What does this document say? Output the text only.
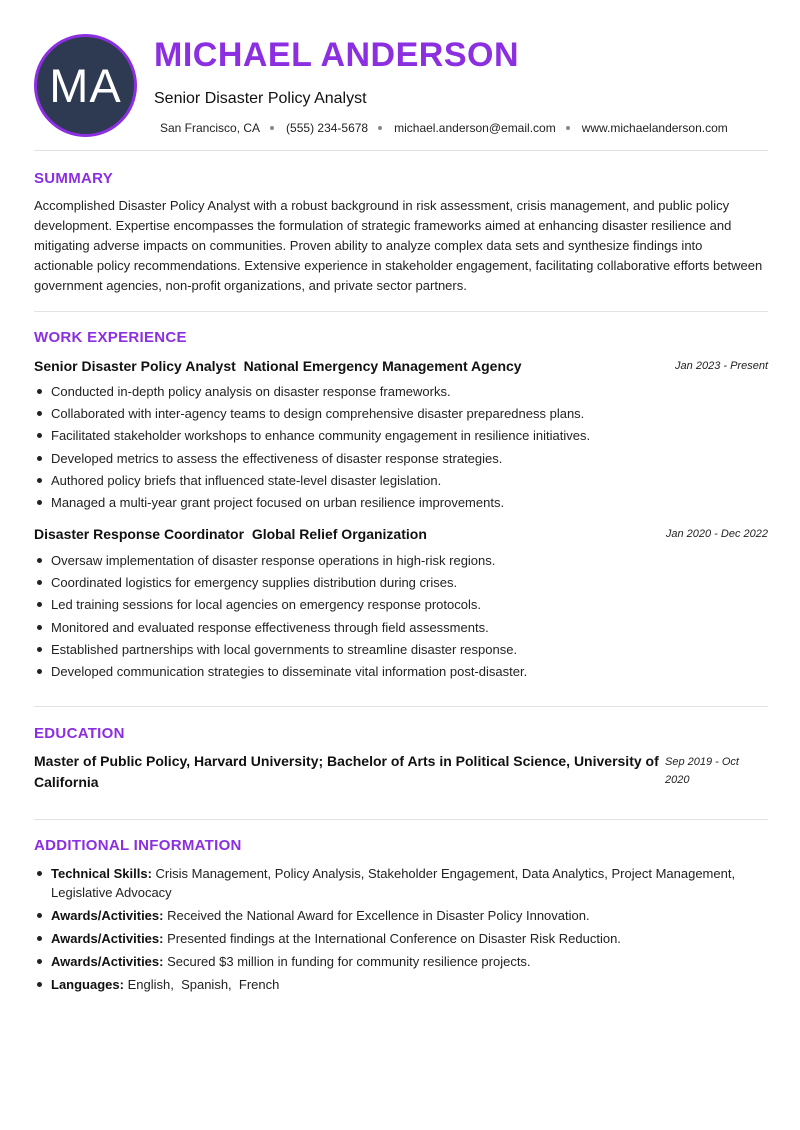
MA
MICHAEL ANDERSON
Senior Disaster Policy Analyst
San Francisco, CA (555) 234-5678 michael.anderson@email.com www.michaelanderson.com
SUMMARY
Accomplished Disaster Policy Analyst with a robust background in risk assessment, crisis management, and public policy development. Expertise encompasses the formulation of strategic frameworks aimed at enhancing disaster resilience and mitigating adverse impacts on communities. Proven ability to analyze complex data sets and synthesize findings into actionable policy recommendations. Extensive experience in stakeholder engagement, facilitating collaborative efforts between government agencies, non-profit organizations, and private sector partners.
WORK EXPERIENCE
Senior Disaster Policy Analyst National Emergency Management Agency	Jan 2023 - Present
Conducted in-depth policy analysis on disaster response frameworks.
Collaborated with inter-agency teams to design comprehensive disaster preparedness plans.
Facilitated stakeholder workshops to enhance community engagement in resilience initiatives.
Developed metrics to assess the effectiveness of disaster response strategies.
Authored policy briefs that influenced state-level disaster legislation.
Managed a multi-year grant project focused on urban resilience improvements.
Disaster Response Coordinator Global Relief Organization	Jan 2020 - Dec 2022
Oversaw implementation of disaster response operations in high-risk regions.
Coordinated logistics for emergency supplies distribution during crises.
Led training sessions for local agencies on emergency response protocols.
Monitored and evaluated response effectiveness through field assessments.
Established partnerships with local governments to streamline disaster response.
Developed communication strategies to disseminate vital information post-disaster.
EDUCATION
Master of Public Policy, Harvard University; Bachelor of Arts in Political Science, University of California
Sep 2019 - Oct 2020
ADDITIONAL INFORMATION
Technical Skills: Crisis Management, Policy Analysis, Stakeholder Engagement, Data Analytics, Project Management, Legislative Advocacy
Awards/Activities: Received the National Award for Excellence in Disaster Policy Innovation.
Awards/Activities: Presented findings at the International Conference on Disaster Risk Reduction.
Awards/Activities: Secured $3 million in funding for community resilience projects.
Languages: English,  Spanish,  French
